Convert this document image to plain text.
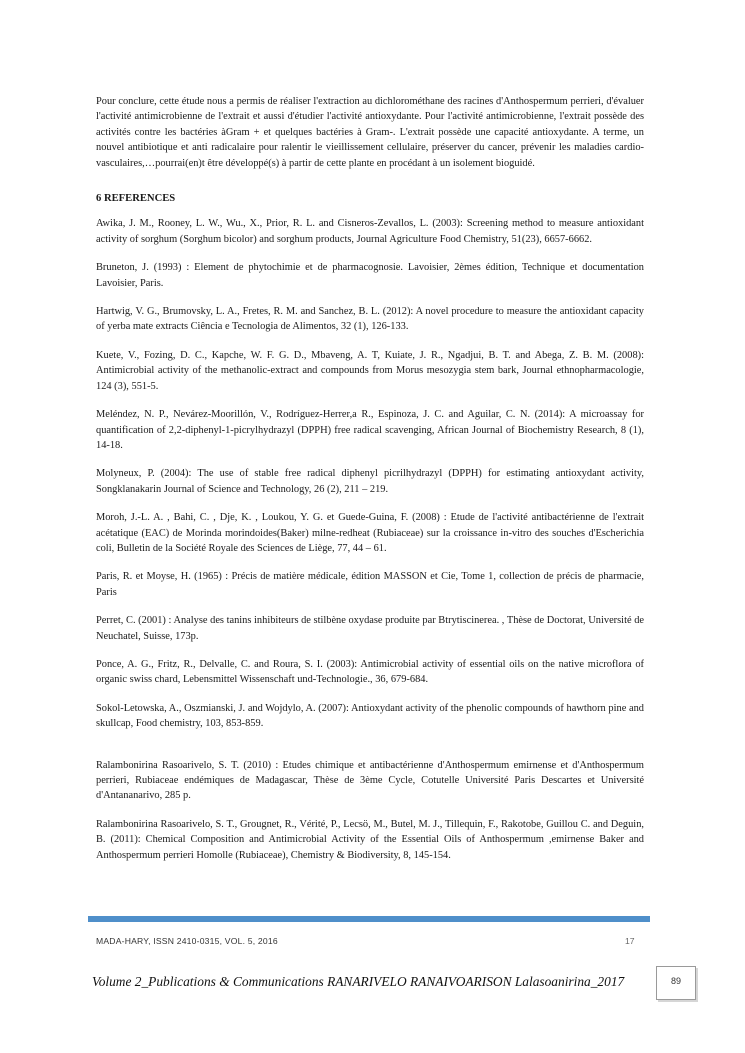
Pour conclure, cette étude nous a permis de réaliser l'extraction au dichlorométhane des racines d'Anthospermum perrieri, d'évaluer l'activité antimicrobienne de l'extrait et aussi d'étudier l'activité antioxydante. Pour l'activité antimicrobienne, l'extrait possède des activités contre les bactéries àGram + et quelques bactéries à Gram-. L'extrait possède une capacité antioxydante. A terme, un nouvel antibiotique et anti radicalaire pour ralentir le vieillissement cellulaire, préserver du cancer, prévenir les maladies cardio-vasculaires,…pourrai(en)t être développé(s) à partir de cette plante en procédant à un isolement bioguidé.

6 REFERENCES

Awika, J. M., Rooney, L. W., Wu., X., Prior, R. L. and Cisneros-Zevallos, L. (2003): Screening method to measure antioxidant activity of sorghum (Sorghum bicolor) and sorghum products, Journal Agriculture Food Chemistry, 51(23), 6657-6662.

Bruneton, J. (1993) : Element de phytochimie et de pharmacognosie. Lavoisier, 2èmes édition, Technique et documentation Lavoisier, Paris.

Hartwig, V. G., Brumovsky, L. A., Fretes, R. M. and Sanchez, B. L. (2012): A novel procedure to measure the antioxidant capacity of yerba mate extracts Ciência e Tecnologia de Alimentos, 32 (1), 126-133.

Kuete, V., Fozing, D. C., Kapche, W. F. G. D., Mbaveng, A. T, Kuiate, J. R., Ngadjui, B. T. and Abega, Z. B. M. (2008): Antimicrobial activity of the methanolic-extract and compounds from Morus mesozygia stem bark, Journal ethnopharmacologie, 124 (3), 551-5.

Meléndez, N. P., Nevárez-Moorillón, V., Rodríguez-Herrer,a R., Espinoza, J. C. and Aguilar, C. N. (2014): A microassay for quantification of 2,2-diphenyl-1-picrylhydrazyl (DPPH) free radical scavenging, African Journal of Biochemistry Research, 8 (1), 14-18.

Molyneux, P. (2004): The use of stable free radical diphenyl picrilhydrazyl (DPPH) for estimating antioxydant activity, Songklanakarin Journal of Science and Technology, 26 (2), 211 – 219.

Moroh, J.-L. A. , Bahi, C. , Dje, K. , Loukou, Y. G. et Guede-Guina, F. (2008) : Etude de l'activité antibactérienne de l'extrait acétatique (EAC) de Morinda morindoides(Baker) milne-redheat (Rubiaceae) sur la croissance in-vitro des souches d'Escherichia coli, Bulletin de la Société Royale des Sciences de Liège, 77, 44 – 61.

Paris, R. et Moyse, H. (1965) : Précis de matière médicale, édition MASSON et Cie, Tome 1, collection de précis de pharmacie, Paris

Perret, C. (2001) : Analyse des tanins inhibiteurs de stilbène oxydase produite par Btrytiscinerea. , Thèse de Doctorat, Université de Neuchatel, Suisse, 173p.

Ponce, A. G., Fritz, R., Delvalle, C. and Roura, S. I. (2003): Antimicrobial activity of essential oils on the native microflora of organic swiss chard, Lebensmittel Wissenschaft und-Technologie., 36, 679-684.

Sokol-Letowska, A., Oszmianski, J. and Wojdylo, A. (2007): Antioxydant activity of the phenolic compounds of hawthorn pine and skullcap, Food chemistry, 103, 853-859.

Ralambonirina Rasoarivelo, S. T. (2010) : Etudes chimique et antibactérienne d'Anthospermum emirnense et d'Anthospermum perrieri, Rubiaceae endémiques de Madagascar, Thèse de 3ème Cycle, Cotutelle Université Paris Descartes et Université d'Antananarivo, 285 p.

Ralambonirina Rasoarivelo, S. T., Grougnet, R., Vérité, P., Lecsö, M., Butel, M. J., Tillequin, F., Rakotobe, Guillou C. and Deguin, B. (2011): Chemical Composition and Antimicrobial Activity of the Essential Oils of Anthospermum ,emirnense Baker and Anthospermum perrieri Homolle (Rubiaceae), Chemistry & Biodiversity, 8, 145-154.

MADA-HARY, ISSN 2410-0315, VOL. 5, 2016	17
Volume 2_Publications & Communications RANARIVELO RANAIVOARISON Lalasoanirina_2017	89
